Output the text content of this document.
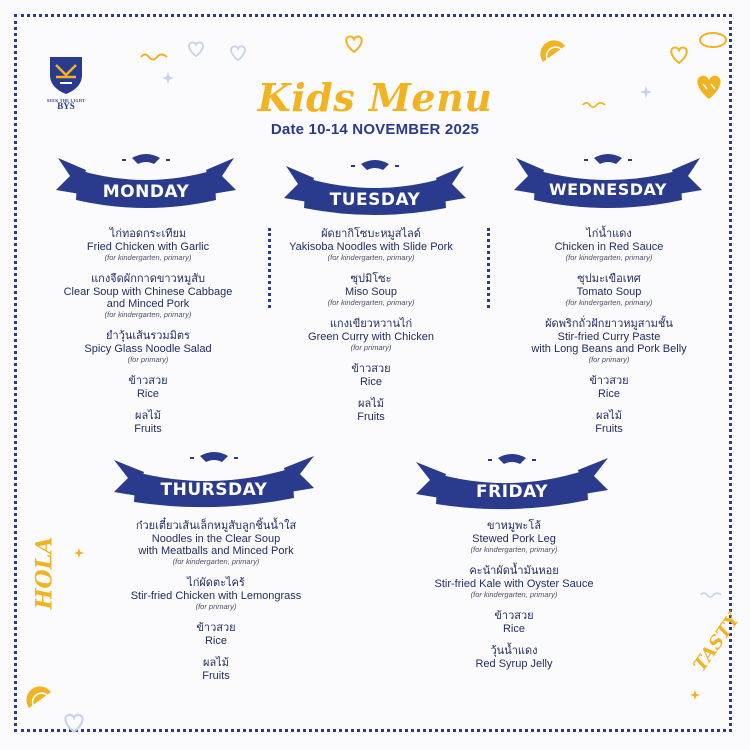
HOLA
TASTY
SEEK THE LIGHT
BYS	Kids Menu
Date 10-14 NOVEMBER 2025
MONDAY	TUESDAY
WEDNESDAY
THURSDAY	FRIDAY
ไก่ทอดกระเทียม
Fried Chicken with Garlic
(for kindergarten, primary)
แกงจืดผักกาดขาวหมูสับ
Clear Soup with Chinese Cabbage
and Minced Pork
(for kindergarten, primary)
ยำวุ้นเส้นรวมมิตร
Spicy Glass Noodle Salad
(for primary)
ข้าวสวย
Rice
ผลไม้
Fruits
ผัดยากิโซบะหมูสไลด์
Yakisoba Noodles with Slide Pork
(for kindergarten, primary)
ซุปมิโซะ
Miso Soup
(for kindergarten, primary)
แกงเขียวหวานไก่
Green Curry with Chicken
(for primary)
ข้าวสวย
Rice
ผลไม้
Fruits
ไก่น้ำแดง
Chicken in Red Sauce
(for kindergarten, primary)
ซุปมะเขือเทศ
Tomato Soup
(for kindergarten, primary)
ผัดพริกถั่วฝักยาวหมูสามชั้น
Stir-fried Curry Paste
with Long Beans and Pork Belly
(for primary)
ข้าวสวย
Rice
ผลไม้
Fruits
ก๋วยเตี๋ยวเส้นเล็กหมูสับลูกชิ้นน้ำใส
Noodles in the Clear Soup
with Meatballs and Minced Pork
(for kindergarten, primary)
ไก่ผัดตะไคร้
Stir-fried Chicken with Lemongrass
(for primary)
ข้าวสวย
Rice
ผลไม้
Fruits
ขาหมูพะโล้
Stewed Pork Leg
(for kindergarten, primary)
คะน้าผัดน้ำมันหอย
Stir-fried Kale with Oyster Sauce
(for kindergarten, primary)
ข้าวสวย
Rice
วุ้นน้ำแดง
Red Syrup Jelly
